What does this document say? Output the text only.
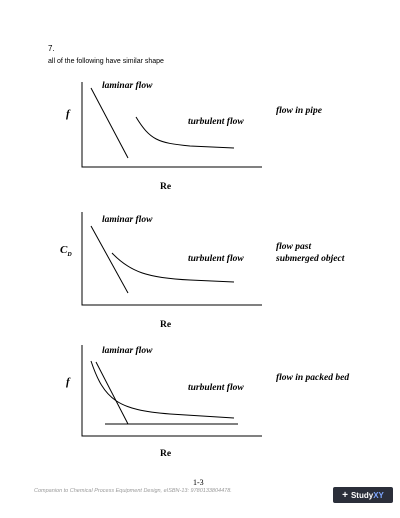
7.
all of the following have similar shape
laminar flow
f
turbulent flow
flow in pipe
Re
laminar flow
$C_D$	turbulent flow
flow past
submerged object
Re
laminar flow
f	turbulent flow
flow in packed bed
Re
1-3
Companion to Chemical Process Equipment Design, eISBN-13: 9780133804478.	+ Study XY
